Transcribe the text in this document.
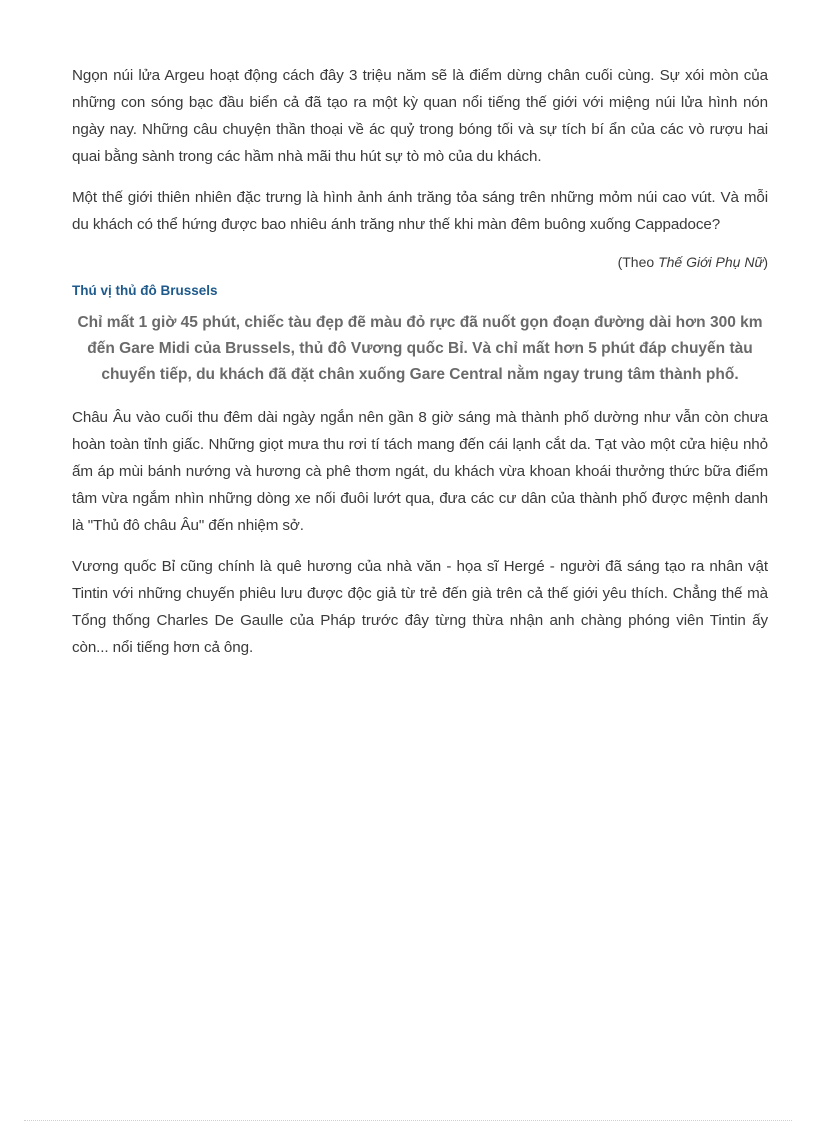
Ngọn núi lửa Argeu hoạt động cách đây 3 triệu năm sẽ là điểm dừng chân cuối cùng. Sự xói mòn của những con sóng bạc đầu biển cả đã tạo ra một kỳ quan nổi tiếng thế giới với miệng núi lửa hình nón ngày nay. Những câu chuyện thần thoại về ác quỷ trong bóng tối và sự tích bí ẩn của các vò rượu hai quai bằng sành trong các hầm nhà mãi thu hút sự tò mò của du khách.

Một thế giới thiên nhiên đặc trưng là hình ảnh ánh trăng tỏa sáng trên những mỏm núi cao vút. Và mỗi du khách có thể hứng được bao nhiêu ánh trăng như thế khi màn đêm buông xuống Cappadoce?

(Theo Thế Giới Phụ Nữ)
Thú vị thủ đô Brussels

Chỉ mất 1 giờ 45 phút, chiếc tàu đẹp đẽ màu đỏ rực đã nuốt gọn đoạn đường dài hơn 300 km đến Gare Midi của Brussels, thủ đô Vương quốc Bỉ. Và chỉ mất hơn 5 phút đáp chuyến tàu chuyển tiếp, du khách đã đặt chân xuống Gare Central nằm ngay trung tâm thành phố.

Châu Âu vào cuối thu đêm dài ngày ngắn nên gần 8 giờ sáng mà thành phố dường như vẫn còn chưa hoàn toàn tỉnh giấc. Những giọt mưa thu rơi tí tách mang đến cái lạnh cắt da. Tạt vào một cửa hiệu nhỏ ấm áp mùi bánh nướng và hương cà phê thơm ngát, du khách vừa khoan khoái thưởng thức bữa điểm tâm vừa ngắm nhìn những dòng xe nối đuôi lướt qua, đưa các cư dân của thành phố được mệnh danh là "Thủ đô châu Âu" đến nhiệm sở.

Vương quốc Bỉ cũng chính là quê hương của nhà văn - họa sĩ Hergé - người đã sáng tạo ra nhân vật Tintin với những chuyến phiêu lưu được độc giả từ trẻ đến già trên cả thế giới yêu thích. Chẳng thế mà Tổng thống Charles De Gaulle của Pháp trước đây từng thừa nhận anh chàng phóng viên Tintin ấy còn... nổi tiếng hơn cả ông.
